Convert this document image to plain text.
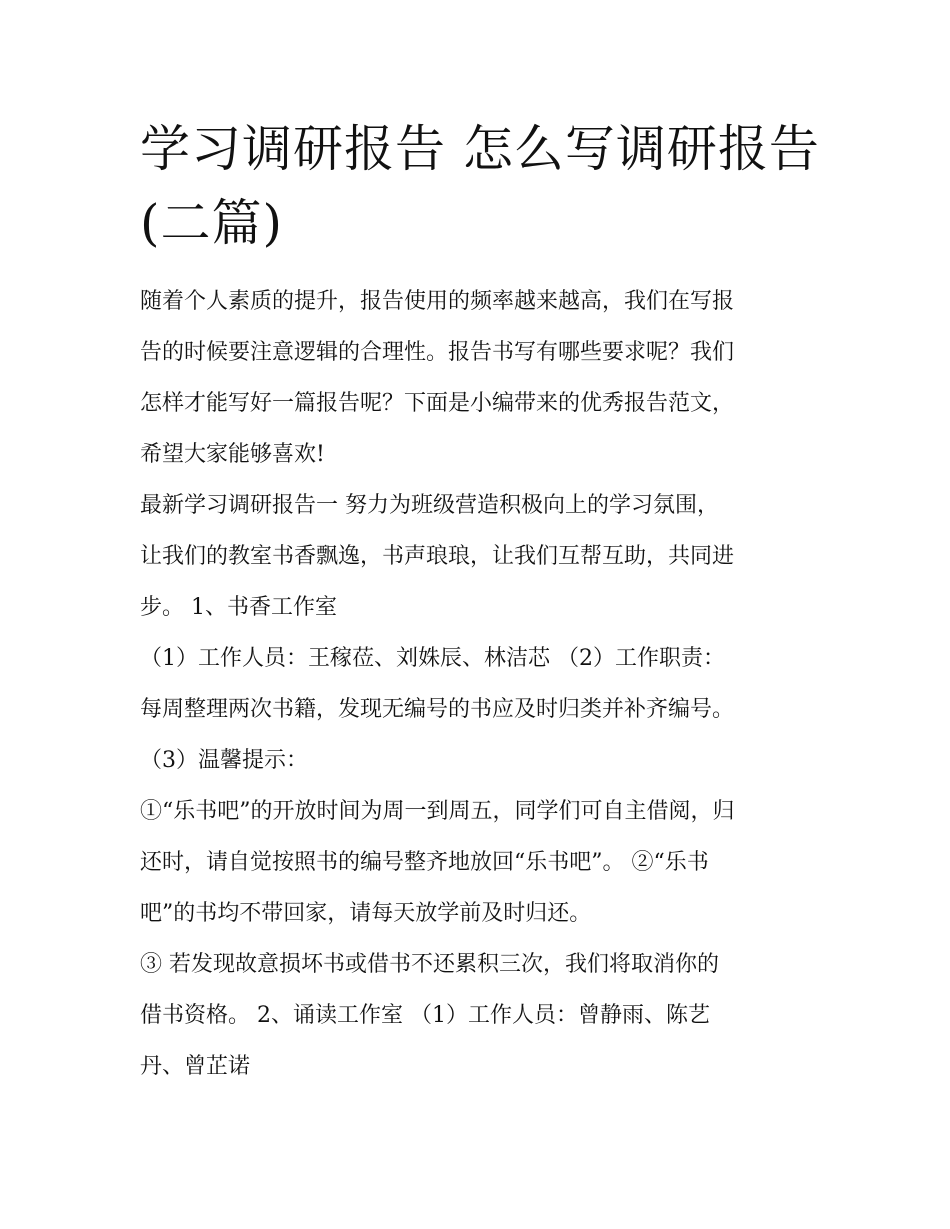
学习调研报告 怎么写调研报告
(二篇)

随着个人素质的提升，报告使用的频率越来越高，我们在写报

告的时候要注意逻辑的合理性。报告书写有哪些要求呢？我们

怎样才能写好一篇报告呢？下面是小编带来的优秀报告范文，

希望大家能够喜欢!

最新学习调研报告一 努力为班级营造积极向上的学习氛围，

让我们的教室书香飘逸，书声琅琅，让我们互帮互助，共同进

步。 1、书香工作室

（1）工作人员：王稼莅、刘姝辰、林洁芯 （2）工作职责：

每周整理两次书籍，发现无编号的书应及时归类并补齐编号。

（3）温馨提示：

①“乐书吧”的开放时间为周一到周五，同学们可自主借阅，归

还时，请自觉按照书的编号整齐地放回“乐书吧”。 ②“乐书

吧”的书均不带回家，请每天放学前及时归还。

③ 若发现故意损坏书或借书不还累积三次，我们将取消你的

借书资格。 2、诵读工作室 （1）工作人员：曾静雨、陈艺

丹、曾芷诺
